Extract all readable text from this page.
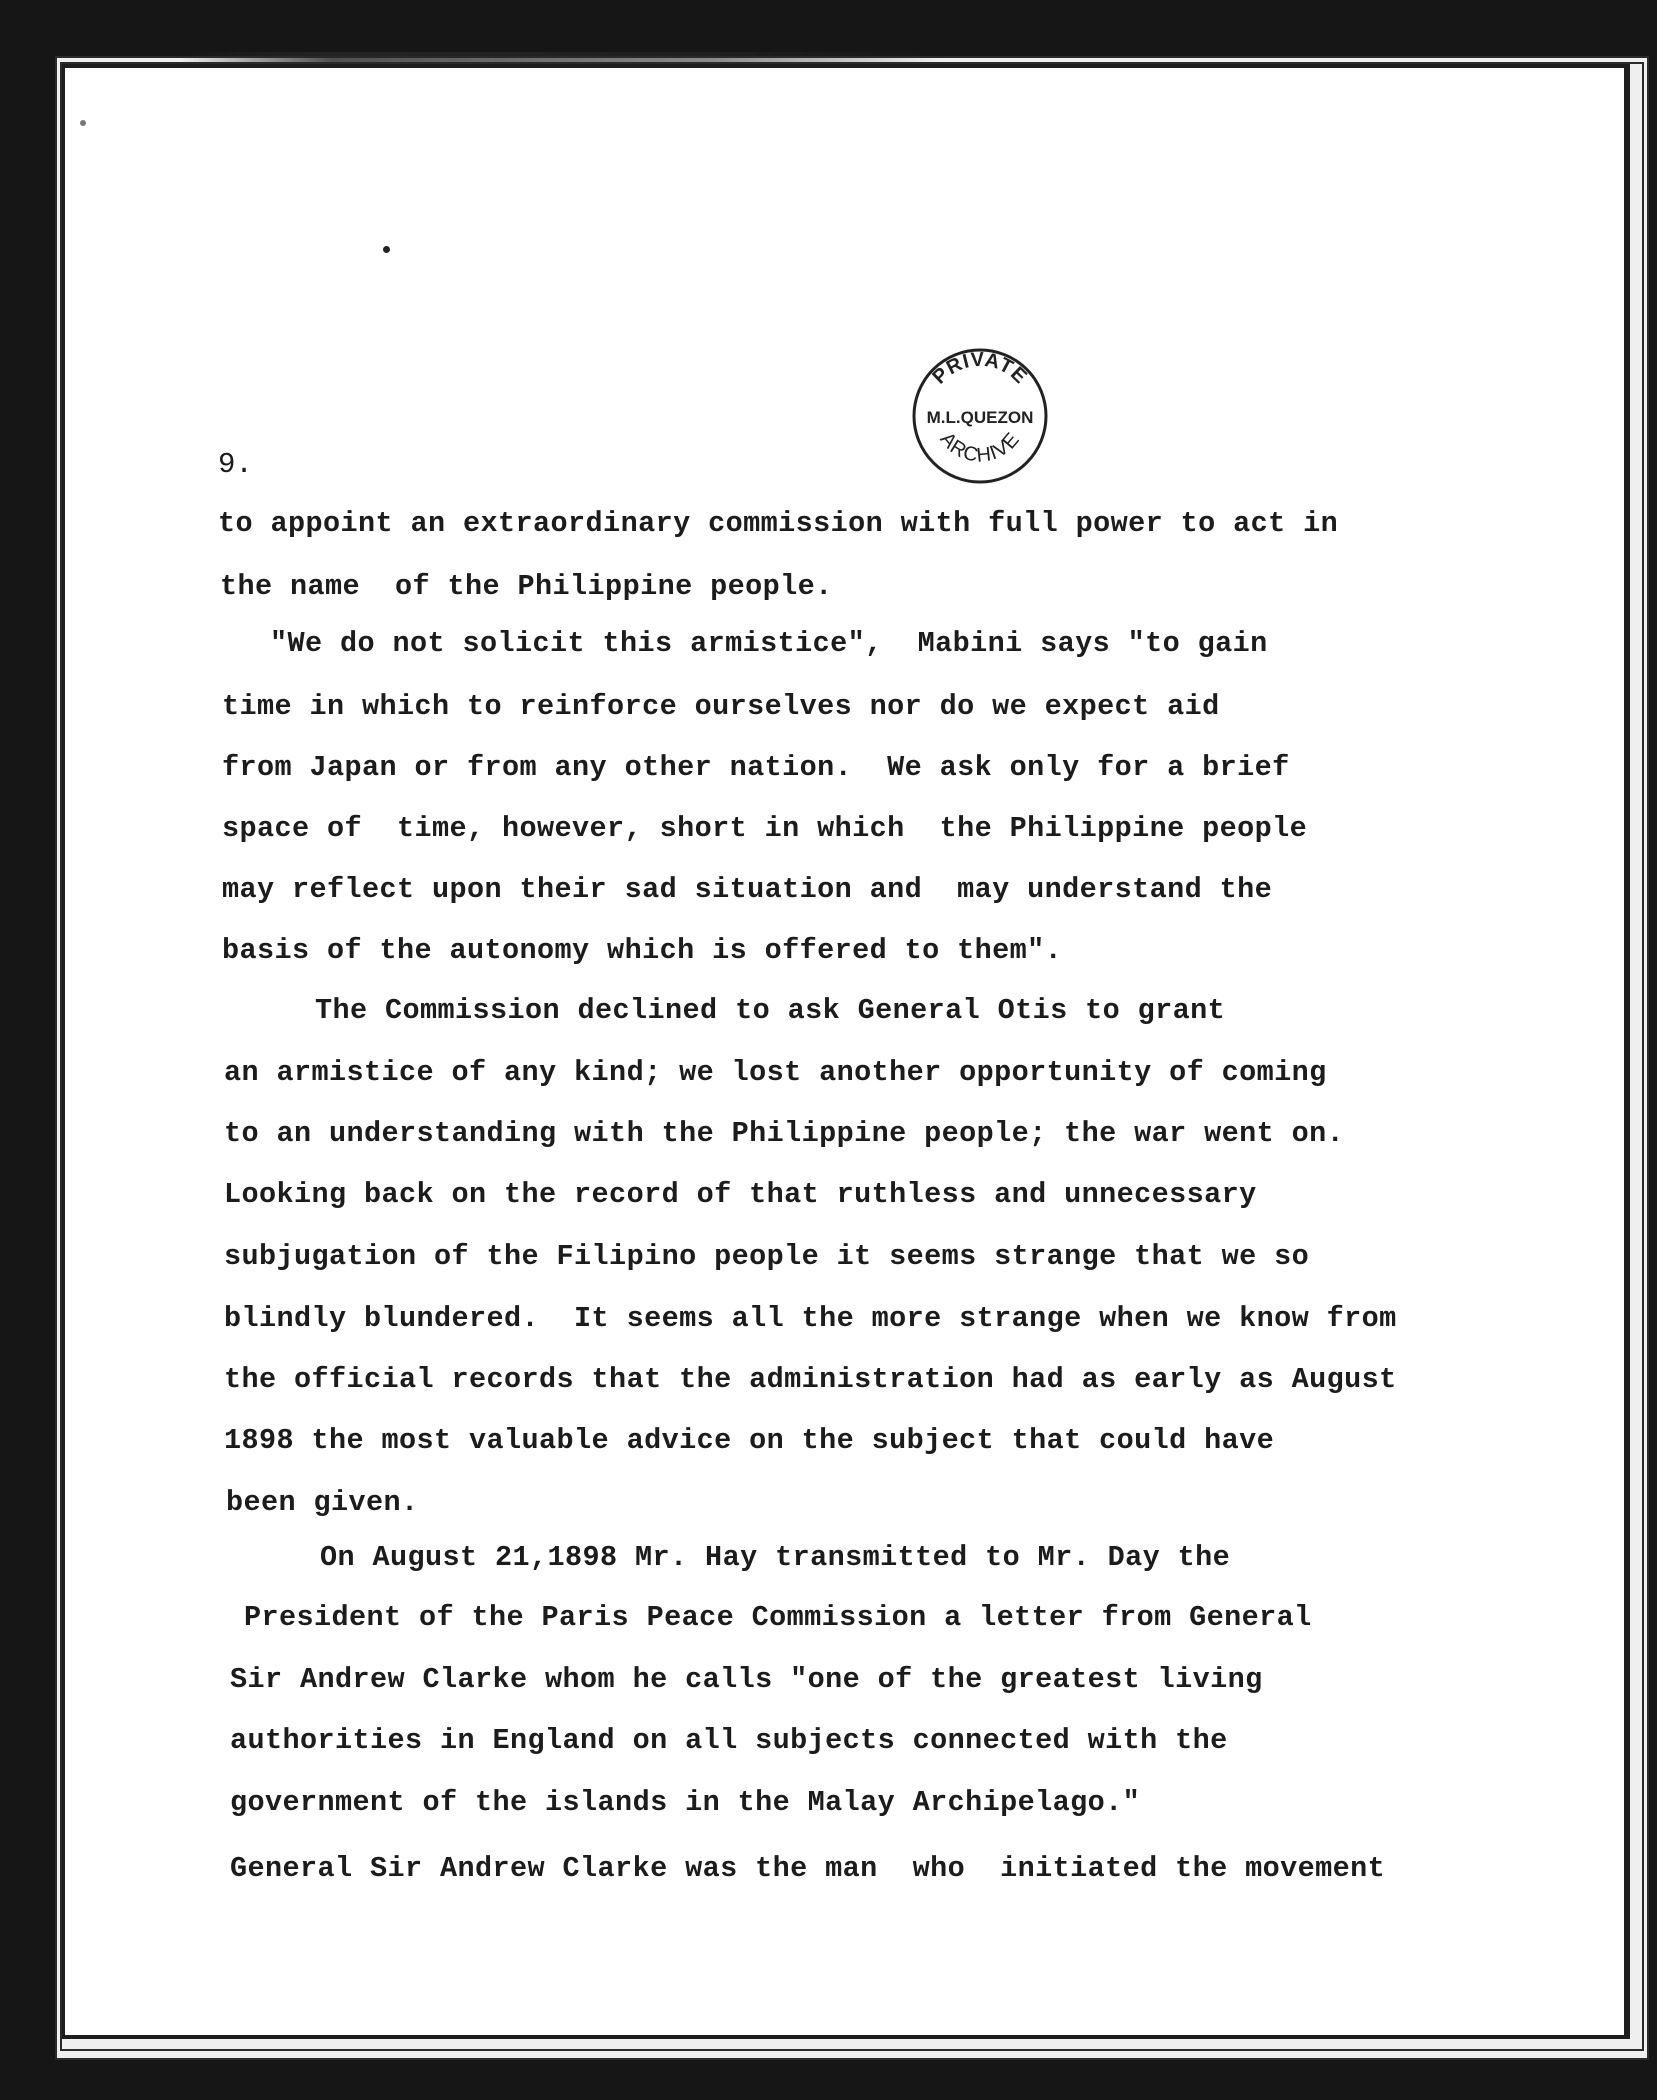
PRIVATE
M.L.QUEZON
ARCHIVE
9.
to appoint an extraordinary commission with full power to act in
the name  of the Philippine people.
"We do not solicit this armistice",  Mabini says "to gain
time in which to reinforce ourselves nor do we expect aid
from Japan or from any other nation.  We ask only for a brief
space of  time, however, short in which  the Philippine people
may reflect upon their sad situation and  may understand the
basis of the autonomy which is offered to them".
The Commission declined to ask General Otis to grant
an armistice of any kind; we lost another opportunity of coming
to an understanding with the Philippine people; the war went on.
Looking back on the record of that ruthless and unnecessary
subjugation of the Filipino people it seems strange that we so
blindly blundered.  It seems all the more strange when we know from
the official records that the administration had as early as August
1898 the most valuable advice on the subject that could have
been given.
On August 21,1898 Mr. Hay transmitted to Mr. Day the
President of the Paris Peace Commission a letter from General
Sir Andrew Clarke whom he calls "one of the greatest living
authorities in England on all subjects connected with the
government of the islands in the Malay Archipelago."
General Sir Andrew Clarke was the man  who  initiated the movement
